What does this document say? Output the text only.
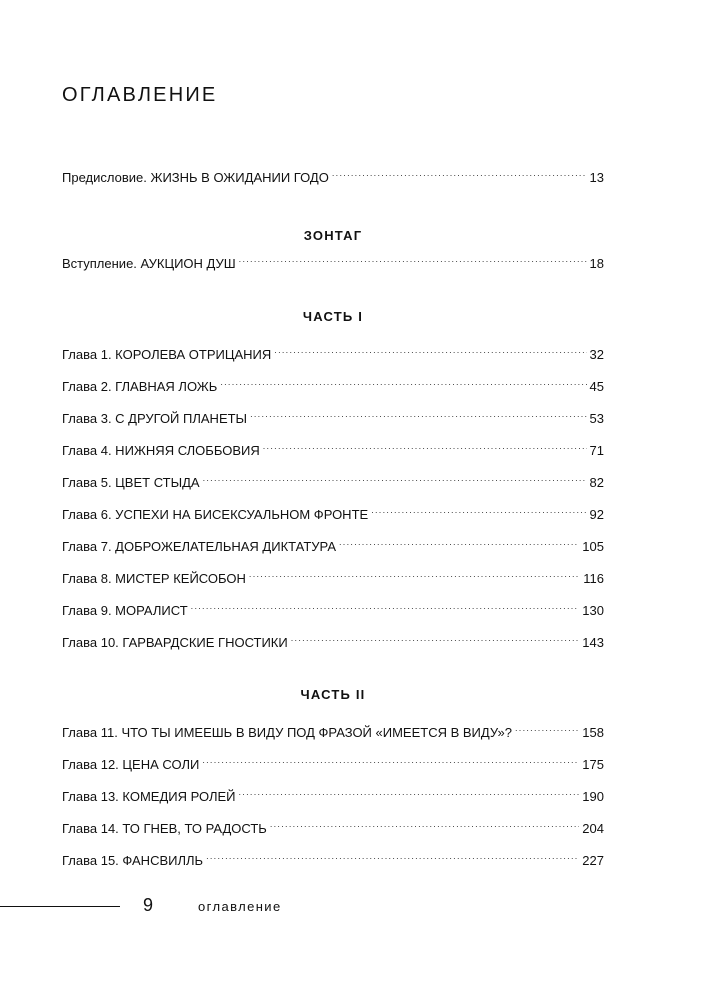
ОГЛАВЛЕНИЕ
Предисловие. ЖИЗНЬ В ОЖИДАНИИ ГОДО . . .	13
ЗОНТАГ
Вступление. АУКЦИОН ДУШ . . .	18
ЧАСТЬ I
Глава 1. КОРОЛЕВА ОТРИЦАНИЯ . . .	32
Глава 2. ГЛАВНАЯ ЛОЖЬ . . .	45
Глава 3. С ДРУГОЙ ПЛАНЕТЫ . . .	53
Глава 4. НИЖНЯЯ СЛОББОВИЯ . . .	71
Глава 5. ЦВЕТ СТЫДА . . .	82
Глава 6. УСПЕХИ НА БИСЕКСУАЛЬНОМ ФРОНТЕ . . .	92
Глава 7. ДОБРОЖЕЛАТЕЛЬНАЯ ДИКТАТУРА . . .	105
Глава 8. МИСТЕР КЕЙСОБОН . . .	116
Глава 9. МОРАЛИСТ . . .	130
Глава 10. ГАРВАРДСКИЕ ГНОСТИКИ . . .	143
ЧАСТЬ II
Глава 11. ЧТО ТЫ ИМЕЕШЬ В ВИДУ ПОД ФРАЗОЙ «ИМЕЕТСЯ В ВИДУ»? . . .	158
Глава 12. ЦЕНА СОЛИ . . .	175
Глава 13. КОМЕДИЯ РОЛЕЙ . . .	190
Глава 14. ТО ГНЕВ, ТО РАДОСТЬ . . .	204
Глава 15. ФАНСВИЛЛЬ . . .	227
9	оглавление
